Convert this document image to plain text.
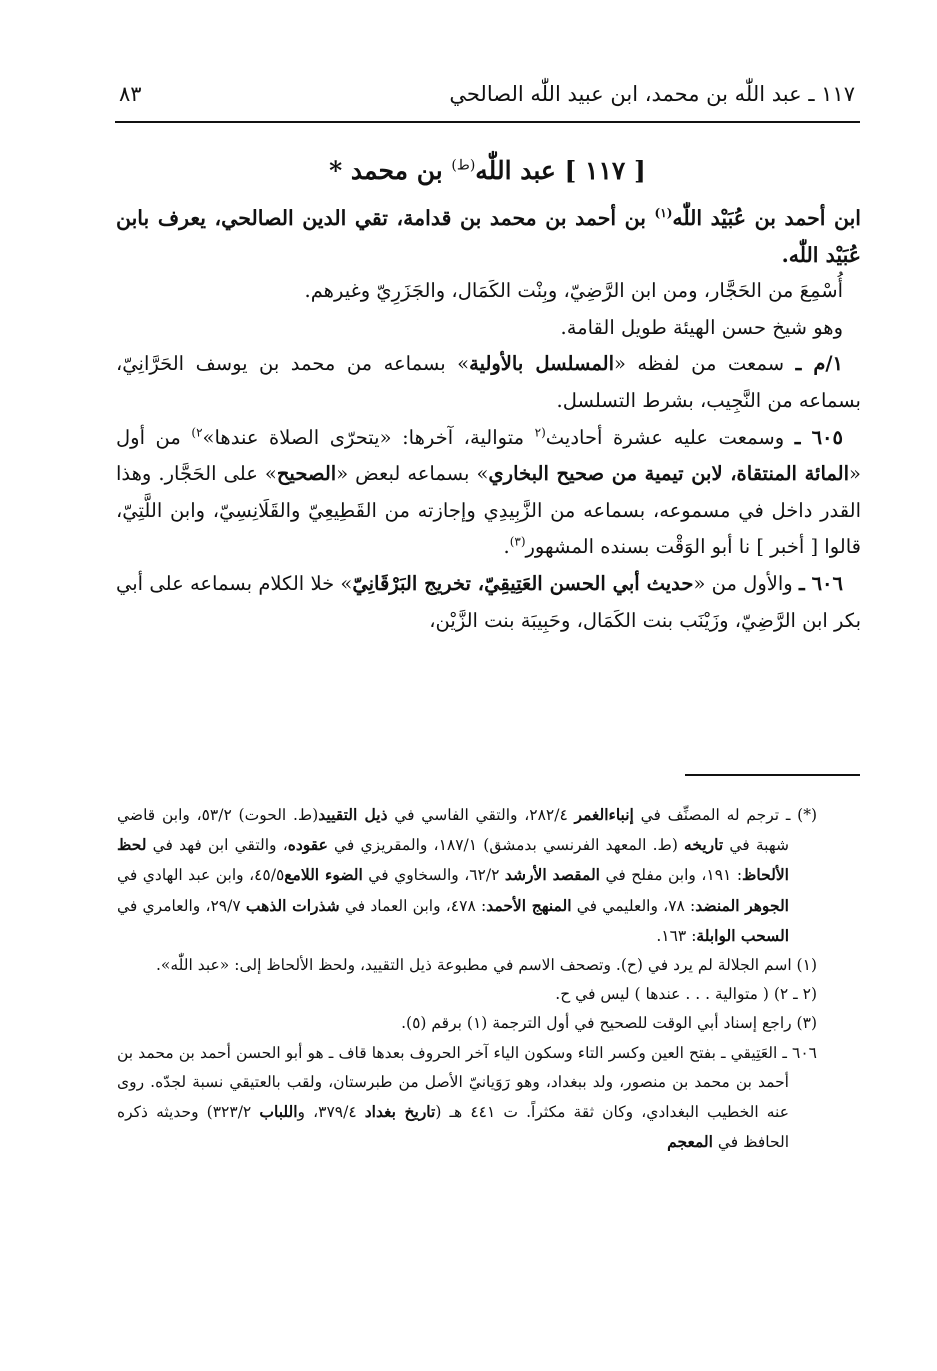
١١٧ ـ عبد اللّٰه بن محمد، ابن عبيد اللّٰه الصالحي
٨٣
[ ١١٧ ] عبد اللّٰه$^{(ط)}$ بن محمد *

ابن أحمد بن عُبَيْد اللّٰه$^{(١)}$ بن أحمد بن محمد بن قدامة، تقي الدين الصالحي، يعرف بابن عُبَيْد اللّٰه.

أُسْمِعَ من الحَجَّار، ومن ابن الرَّضِيّ، وبِنْت الكَمَال، والجَزَرِيّ وغيرهم.

وهو شيخ حسن الهيئة طويل القامة.

١/م ـ سمعت من لفظه «المسلسل بالأولية» بسماعه من محمد بن يوسف الحَرَّانِيّ، بسماعه من النَّجِيب، بشرط التسلسل.

٦٠٥ ـ وسمعت عليه عشرة أحاديث$^{(٢}$ متوالية، آخرها: «يتحرّى الصلاة عندها»$^{٢)}$ من أول «المائة المنتقاة، لابن تيمية من صحيح البخاري» بسماعه لبعض «الصحيح» على الحَجَّار. وهذا القدر داخل في مسموعه، بسماعه من الزَّبِيدِي وإجازته من القَطِيعِيّ والقَلَانِسِيّ، وابن اللَّتِيّ، قالوا [ أخبر ] نا أبو الوَقْت بسنده المشهور$^{(٣)}$.

٦٠٦ ـ والأول من «حديث أبي الحسن العَتِيقِيّ، تخريج البَرْقَانِيّ» خلا الكلام بسماعه على أبي بكر ابن الرَّضِيّ، وزَيْنَب بنت الكَمَال، وحَبِيبَة بنت الزَّيْن،

(*) ـ ترجم له المصنِّف في إنباءالغمر ٢٨٢/٤، والتقي الفاسي في ذيل التقييد(ط. الحوت) ٥٣/٢، وابن قاضي شهبة في تاريخه (ط. المعهد الفرنسي بدمشق) ١٨٧/١، والمقريزي في عقوده، والتقي ابن فهد في لحظ الألحاظ: ١٩١، وابن مفلح في المقصد الأرشد ٦٢/٢، والسخاوي في الضوء اللامع٤٥/٥، وابن عبد الهادي في الجوهر المنضد: ٧٨، والعليمي في المنهج الأحمد: ٤٧٨، وابن العماد في شذرات الذهب ٢٩/٧، والعامري في السحب الوابلة: ١٦٣.

(١) اسم الجلالة لم يرد في (ح). وتصحف الاسم في مطبوعة ذيل التقييد، ولحظ الألحاظ إلى: «عبد اللّٰه».

(٢ ـ ٢) ( متوالية . . . عندها ) ليس في ح.

(٣) راجع إسناد أبي الوقت للصحيح في أول الترجمة (١) برقم (٥).

٦٠٦ ـ العَتِيقي ـ بفتح العين وكسر التاء وسكون الياء آخر الحروف بعدها قاف ـ هو أبو الحسن أحمد بن محمد بن أحمد بن محمد بن منصور، ولد ببغداد، وهو رَوَيانيّ الأصل من طبرستان، ولقب بالعتيقي نسبة لجدّه. روى عنه الخطيب البغدادي، وكان ثقة مكثراً. ت ٤٤١ هـ (تاريخ بغداد ٣٧٩/٤، واللباب ٣٢٣/٢) وحديثه ذكره الحافظ في المعجم
